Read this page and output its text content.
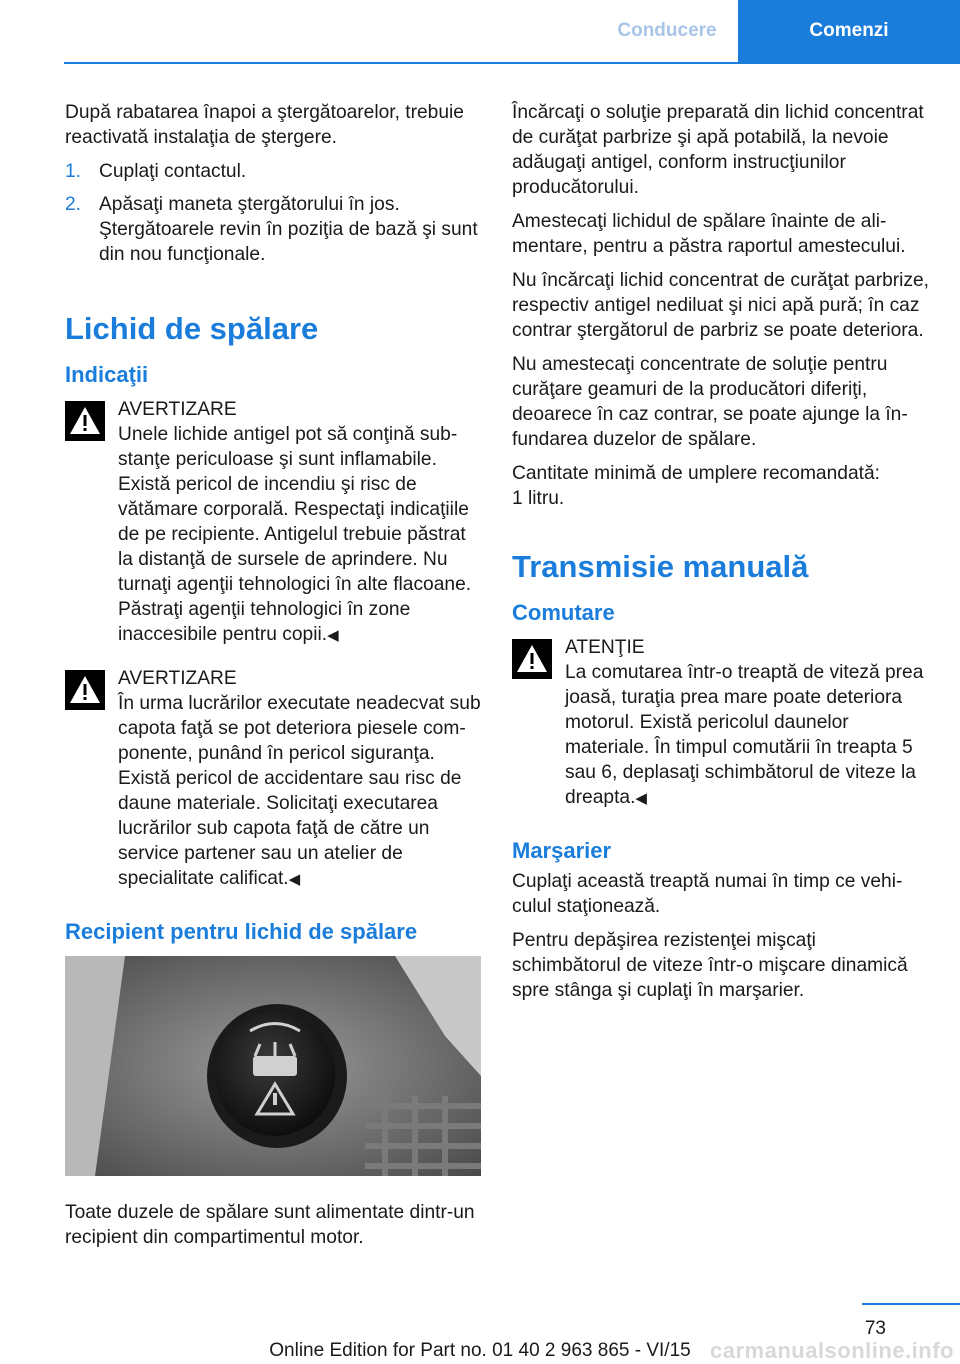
Conducere	Comenzi

După rabatarea înapoi a ştergătoarelor, trebuie reactivată instalaţia de ştergere.

1. Cuplaţi contactul.
2. Apăsaţi maneta ştergătorului în jos. Ştergătoarele revin în poziţia de bază şi sunt din nou funcţionale.
Lichid de spălare
Indicaţii
AVERTIZARE
Unele lichide antigel pot să conţină substanţe periculoase şi sunt inflamabile. Există pericol de incendiu şi risc de vătămare corporală. Respectaţi indicaţiile de pe recipiente. Antigelul trebuie păstrat la distanţă de sursele de aprindere. Nu turnaţi agenţii tehnologici în alte flacoane. Păstraţi agenţii tehnologici în zone inaccesibile pentru copii.◀
AVERTIZARE
În urma lucrărilor executate neadecvat sub capota faţă se pot deteriora piesele componente, punând în pericol siguranţa. Există pericol de accidentare sau risc de daune materiale. Solicitaţi executarea lucrărilor sub capota faţă de către un service partener sau un atelier de specialitate calificat.◀
Recipient pentru lichid de spălare

Toate duzele de spălare sunt alimentate dintr-un recipient din compartimentul motor.

Încărcaţi o soluţie preparată din lichid concentrat de curăţat parbrize şi apă potabilă, la nevoie adăugaţi antigel, conform instrucţiunilor producătorului.

Amestecaţi lichidul de spălare înainte de alimentare, pentru a păstra raportul amestecului.

Nu încărcaţi lichid concentrat de curăţat parbrize, respectiv antigel nediluat şi nici apă pură; în caz contrar ştergătorul de parbriz se poate deteriora.

Nu amestecaţi concentrate de soluţie pentru curăţare geamuri de la producători diferiţi, deoarece în caz contrar, se poate ajunge la înfundarea duzelor de spălare.

Cantitate minimă de umplere recomandată:

1 litru.

Transmisie manuală
Comutare
ATENŢIE
La comutarea într-o treaptă de viteză prea joasă, turaţia prea mare poate deteriora motorul. Există pericolul daunelor materiale. În timpul comutării în treapta 5 sau 6, deplasaţi schimbătorul de viteze la dreapta.◀
Marşarier

Cuplaţi această treaptă numai în timp ce vehiculul staţionează.

Pentru depăşirea rezistenţei mişcaţi schimbătorul de viteze într-o mişcare dinamică spre stânga şi cuplaţi în marşarier.

73
Online Edition for Part no. 01 40 2 963 865 - VI/15 carmanualsonline.info
